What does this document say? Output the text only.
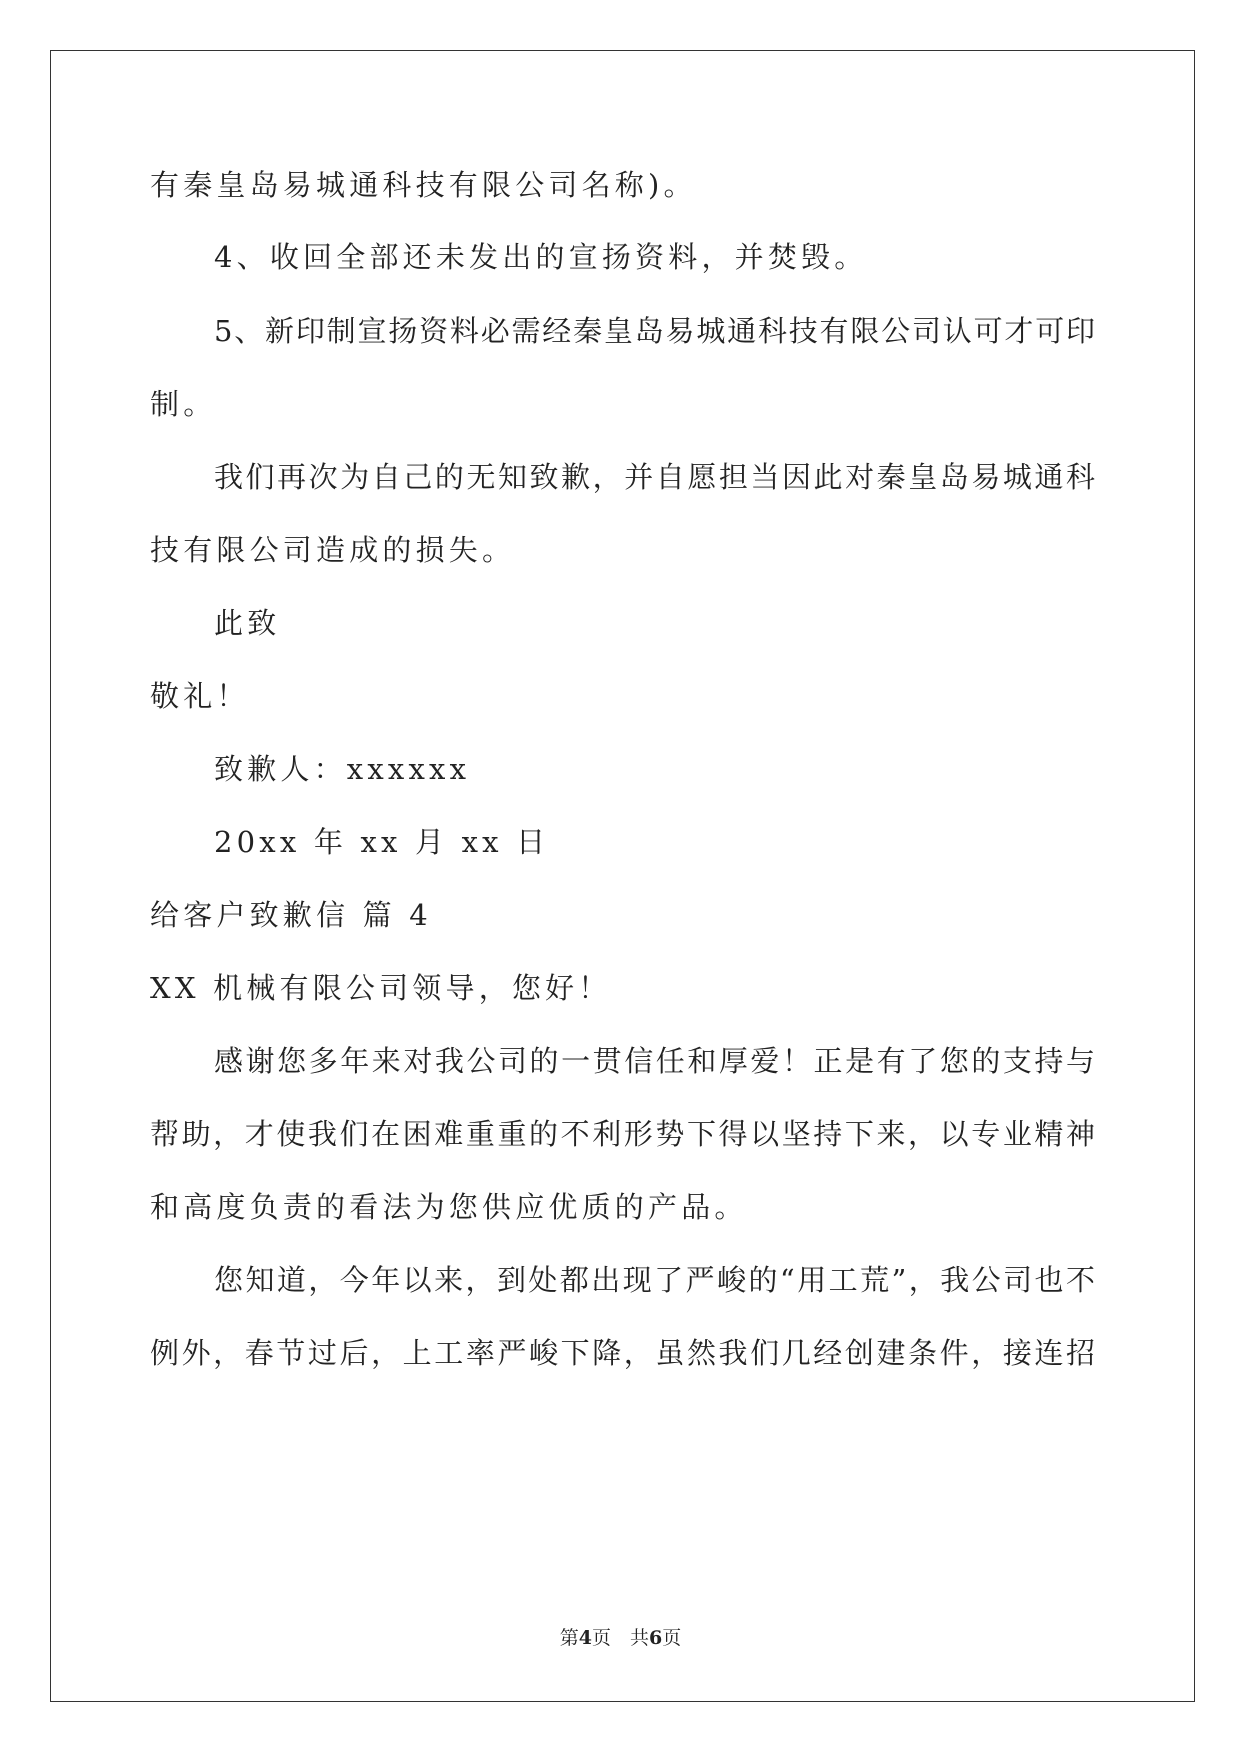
有秦皇岛易城通科技有限公司名称)。
4、收回全部还未发出的宣扬资料，并焚毁。
5、新印制宣扬资料必需经秦皇岛易城通科技有限公司认可才可印
制。
我们再次为自己的无知致歉，并自愿担当因此对秦皇岛易城通科
技有限公司造成的损失。
此致
敬礼！
致歉人：xxxxxx
20xx 年 xx 月 xx 日
给客户致歉信 篇 4
XX 机械有限公司领导，您好！
感谢您多年来对我公司的一贯信任和厚爱！正是有了您的支持与
帮助，才使我们在困难重重的不利形势下得以坚持下来，以专业精神
和高度负责的看法为您供应优质的产品。
您知道，今年以来，到处都出现了严峻的“用工荒”，我公司也不
例外，春节过后，上工率严峻下降，虽然我们几经创建条件，接连招
第4页　共6页
